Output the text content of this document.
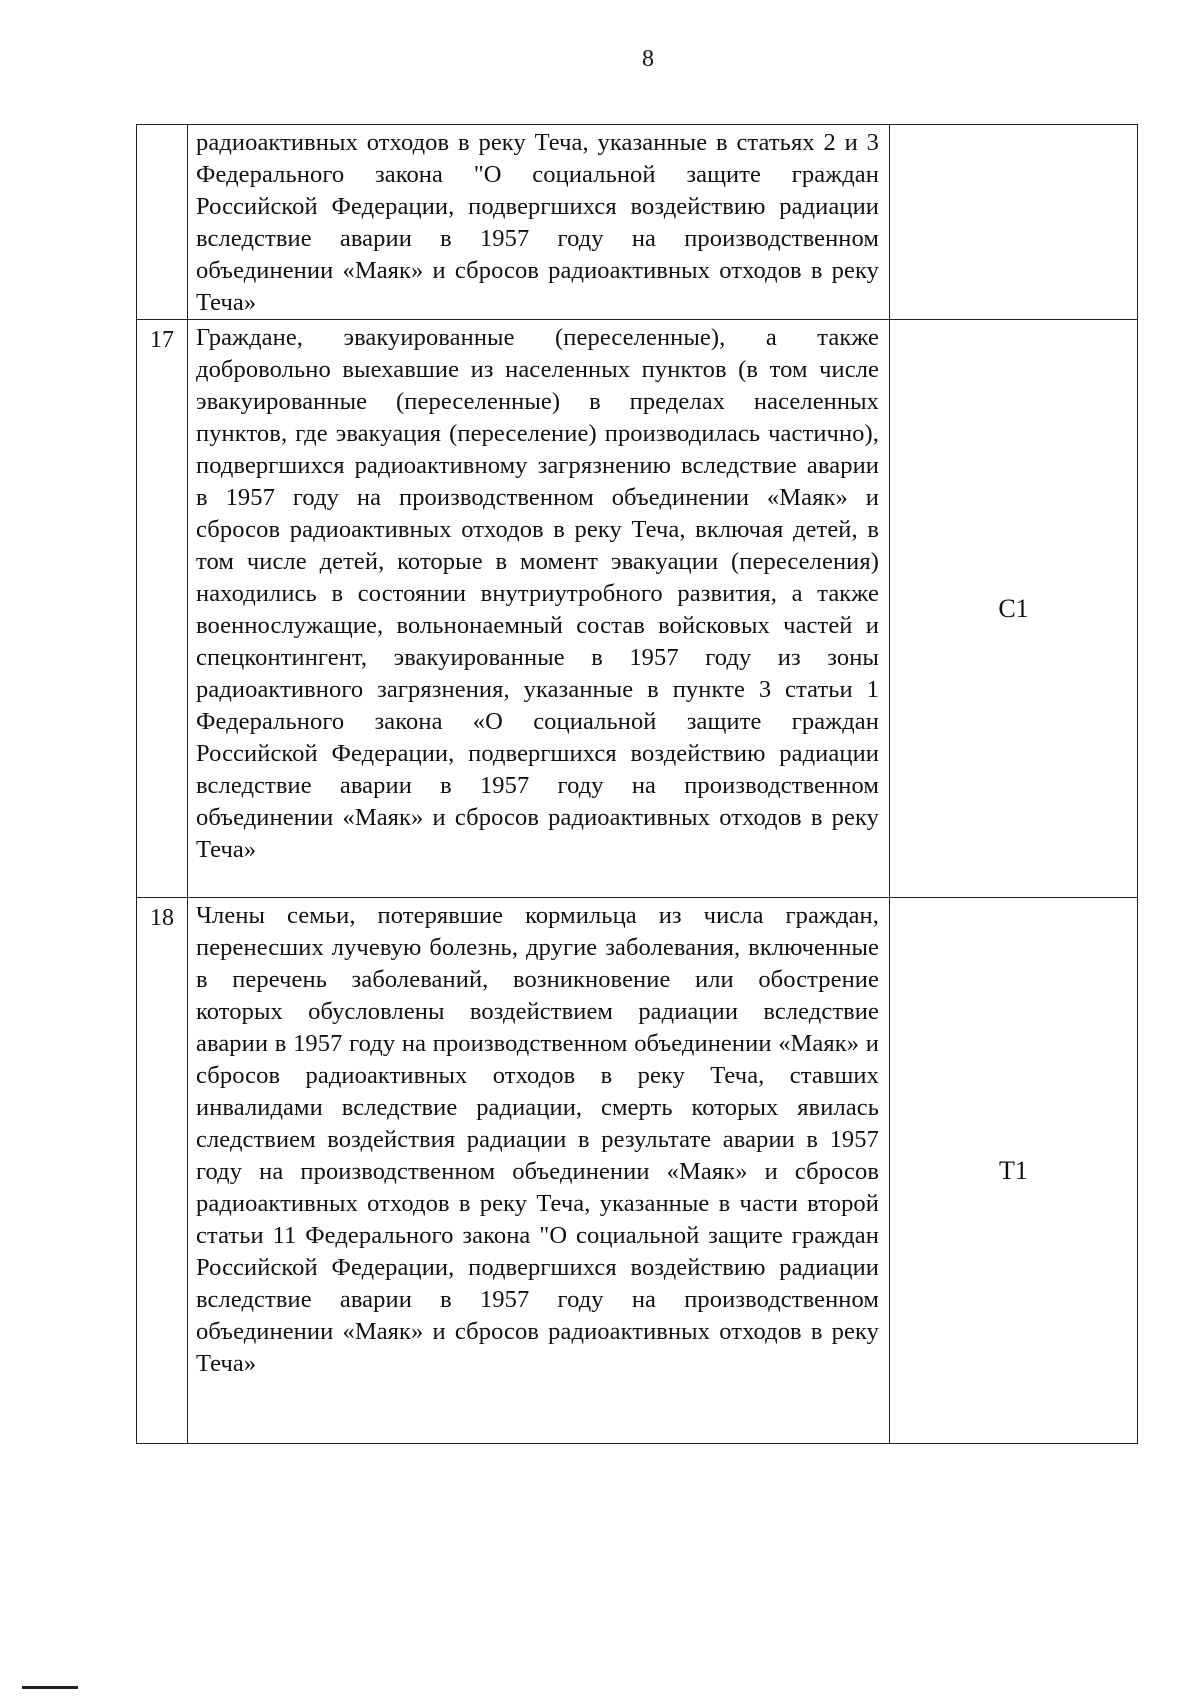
8
	радиоактивных отходов в реку Теча, указанные в статьях 2 и 3 Федерального закона "О социальной защите граждан Российской Федерации, подвергшихся воздействию радиации вследствие аварии в 1957 году на производственном объединении «Маяк» и сбросов радиоактивных отходов в реку Теча»	
17	Граждане, эвакуированные (переселенные), а также добровольно выехавшие из населенных пунктов (в том числе эвакуированные (переселенные) в пределах населенных пунктов, где эвакуация (переселение) производилась частично), подвергшихся радиоактивному загрязнению вследствие аварии в 1957 году на производственном объединении «Маяк» и сбросов радиоактивных отходов в реку Теча, включая детей, в том числе детей, которые в момент эвакуации (переселения) находились в состоянии внутриутробного развития, а также военнослужащие, вольнонаемный состав войсковых частей и спецконтингент, эвакуированные в 1957 году из зоны радиоактивного загрязнения, указанные в пункте 3 статьи 1 Федерального закона «О социальной защите граждан Российской Федерации, подвергшихся воздействию радиации вследствие аварии в 1957 году на производственном объединении «Маяк» и сбросов радиоактивных отходов в реку Теча»	С1
18	Члены семьи, потерявшие кормильца из числа граждан, перенесших лучевую болезнь, другие заболевания, включенные в перечень заболеваний, возникновение или обострение которых обусловлены воздействием радиации вследствие аварии в 1957 году на производственном объединении «Маяк» и сбросов радиоактивных отходов в реку Теча, ставших инвалидами вследствие радиации, смерть которых явилась следствием воздействия радиации в результате аварии в 1957 году на производственном объединении «Маяк» и сбросов радиоактивных отходов в реку Теча, указанные в части второй статьи 11 Федерального закона "О социальной защите граждан Российской Федерации, подвергшихся воздействию радиации вследствие аварии в 1957 году на производственном объединении «Маяк» и сбросов радиоактивных отходов в реку Теча»	Т1
